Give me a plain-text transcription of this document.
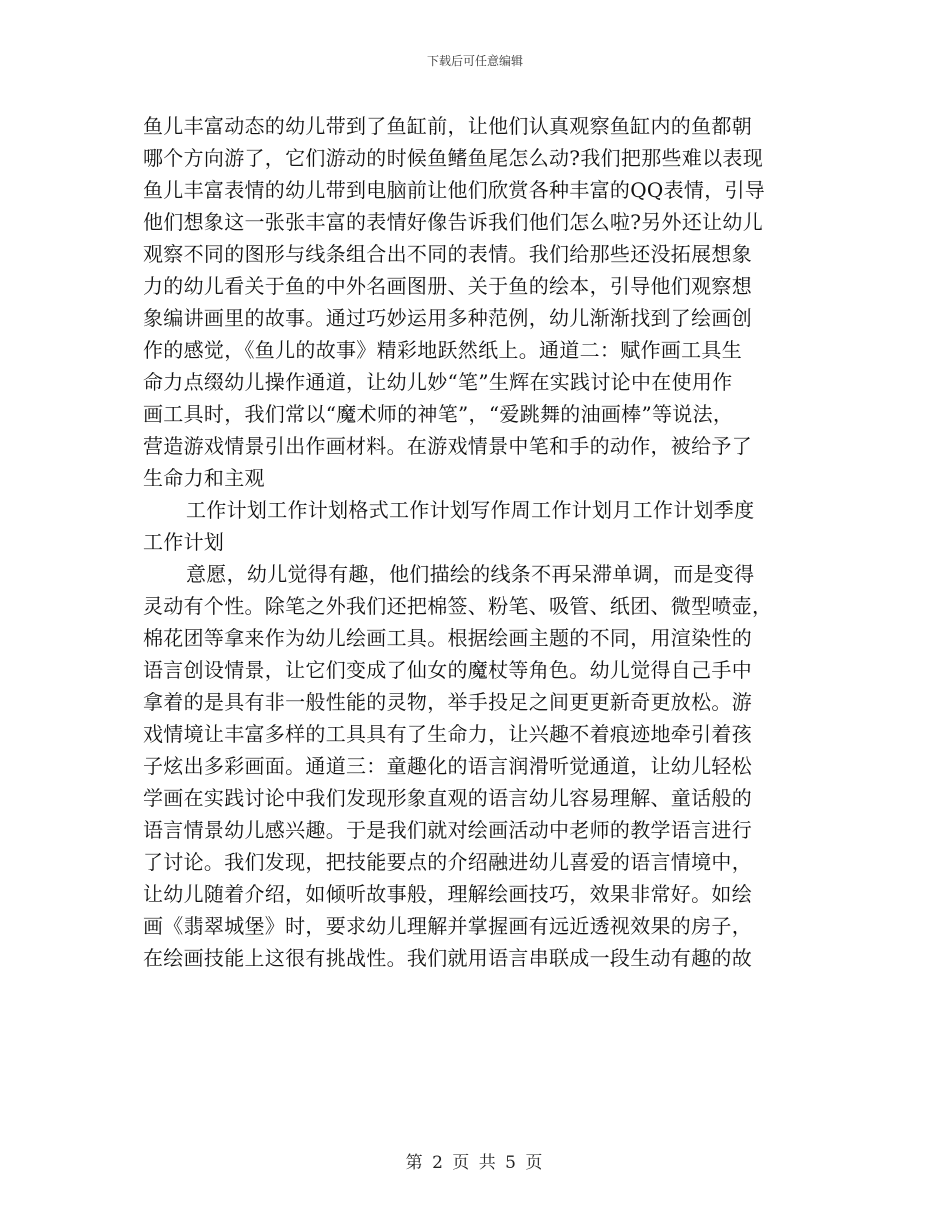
下载后可任意编辑
鱼儿丰富动态的幼儿带到了鱼缸前，让他们认真观察鱼缸内的鱼都朝
哪个方向游了，它们游动的时候鱼鳍鱼尾怎么动?我们把那些难以表现
鱼儿丰富表情的幼儿带到电脑前让他们欣赏各种丰富的QQ表情，引导
他们想象这一张张丰富的表情好像告诉我们他们怎么啦?另外还让幼儿
观察不同的图形与线条组合出不同的表情。我们给那些还没拓展想象
力的幼儿看关于鱼的中外名画图册、关于鱼的绘本，引导他们观察想
象编讲画里的故事。通过巧妙运用多种范例，幼儿渐渐找到了绘画创
作的感觉，《鱼儿的故事》精彩地跃然纸上。通道二：赋作画工具生
命力点缀幼儿操作通道，让幼儿妙“笔”生辉在实践讨论中在使用作
画工具时，我们常以“魔术师的神笔”，“爱跳舞的油画棒”等说法，
营造游戏情景引出作画材料。在游戏情景中笔和手的动作，被给予了
生命力和主观
工作计划工作计划格式工作计划写作周工作计划月工作计划季度
工作计划
意愿，幼儿觉得有趣，他们描绘的线条不再呆滞单调，而是变得
灵动有个性。除笔之外我们还把棉签、粉笔、吸管、纸团、微型喷壶，
棉花团等拿来作为幼儿绘画工具。根据绘画主题的不同，用渲染性的
语言创设情景，让它们变成了仙女的魔杖等角色。幼儿觉得自己手中
拿着的是具有非一般性能的灵物，举手投足之间更更新奇更放松。游
戏情境让丰富多样的工具具有了生命力，让兴趣不着痕迹地牵引着孩
子炫出多彩画面。通道三：童趣化的语言润滑听觉通道，让幼儿轻松
学画在实践讨论中我们发现形象直观的语言幼儿容易理解、童话般的
语言情景幼儿感兴趣。于是我们就对绘画活动中老师的教学语言进行
了讨论。我们发现，把技能要点的介绍融进幼儿喜爱的语言情境中，
让幼儿随着介绍，如倾听故事般，理解绘画技巧，效果非常好。如绘
画《翡翠城堡》时，要求幼儿理解并掌握画有远近透视效果的房子，
在绘画技能上这很有挑战性。我们就用语言串联成一段生动有趣的故
第 2 页 共 5 页
